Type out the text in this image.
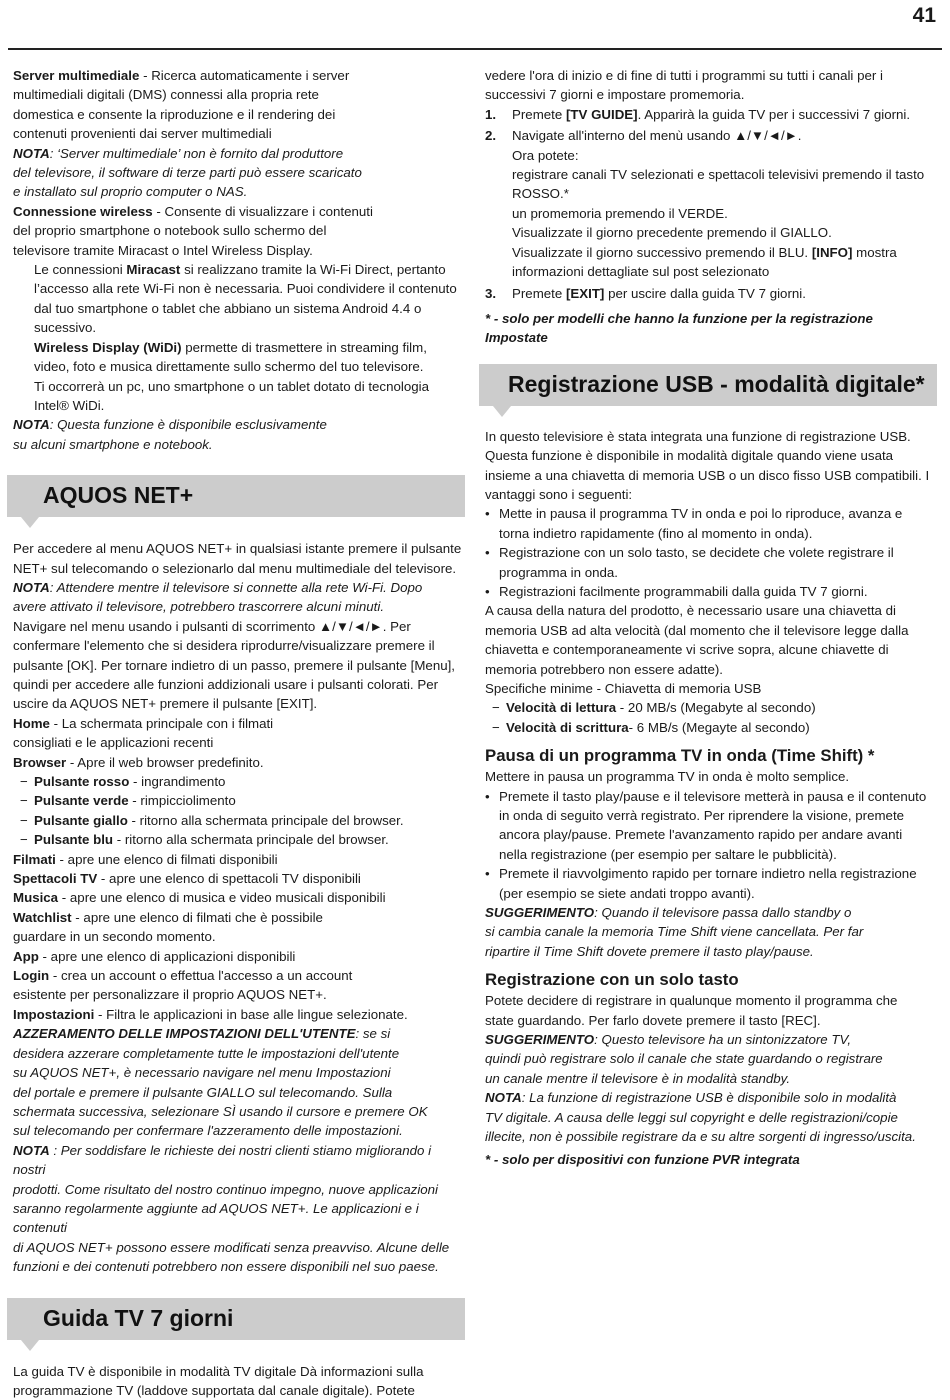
41

Server multimediale - Ricerca automaticamente i server

multimediali digitali (DMS) connessi alla propria rete

domestica e consente la riproduzione e il rendering dei

contenuti provenienti dai server multimediali

NOTA: ‘Server multimediale’ non è fornito dal produttore

del televisore, il software di terze parti può essere scaricato

e installato sul proprio computer o NAS.

Connessione wireless - Consente di visualizzare i contenuti

del proprio smartphone o notebook sullo schermo del

televisore tramite Miracast o Intel Wireless Display.

Le connessioni Miracast si realizzano tramite la Wi-Fi Direct, pertanto

l’accesso alla rete Wi-Fi non è necessaria. Puoi condividere il contenuto

dal tuo smartphone o tablet che abbiano un sistema Android 4.4 o

sucessivo.

Wireless Display (WiDi) permette di trasmettere in streaming film,

video, foto e musica direttamente sullo schermo del tuo televisore.

Ti occorrerà un pc, uno smartphone o un tablet dotato di tecnologia

Intel® WiDi.

NOTA: Questa funzione è disponibile esclusivamente

su alcuni smartphone e notebook.

AQUOS NET+

Per accedere al menu AQUOS NET+ in qualsiasi istante premere il pulsante

NET+ sul telecomando o selezionarlo dal menu multimediale del televisore.

NOTA: Attendere mentre il televisore si connette alla rete Wi-Fi. Dopo

avere attivato il televisore, potrebbero trascorrere alcuni minuti.

Navigare nel menu usando i pulsanti di scorrimento ▲/▼/◄/►. Per

confermare l'elemento che si desidera riprodurre/visualizzare premere il

pulsante [OK]. Per tornare indietro di un passo, premere il pulsante [Menu],

quindi per accedere alle funzioni addizionali usare i pulsanti colorati. Per

uscire da AQUOS NET+ premere il pulsante [EXIT].

Home - La schermata principale con i filmati

consigliati e le applicazioni recenti

Browser - Apre il web browser predefinito.

− Pulsante rosso - ingrandimento

− Pulsante verde - rimpicciolimento

− Pulsante giallo - ritorno alla schermata principale del browser.

− Pulsante blu - ritorno alla schermata principale del browser.

Filmati - apre une elenco di filmati disponibili

Spettacoli TV - apre une elenco di spettacoli TV disponibili

Musica - apre une elenco di musica e video musicali disponibili

Watchlist - apre une elenco di filmati che è possibile

guardare in un secondo momento.

App - apre une elenco di applicazioni disponibili

Login - crea un account o effettua l'accesso a un account

esistente per personalizzare il proprio AQUOS NET+.

Impostazioni - Filtra le applicazioni in base alle lingue selezionate.

AZZERAMENTO DELLE IMPOSTAZIONI DELL'UTENTE: se si

desidera azzerare completamente tutte le impostazioni dell'utente

su AQUOS NET+, è necessario navigare nel menu Impostazioni

del portale e premere il pulsante GIALLO sul telecomando. Sulla

schermata successiva, selezionare SÌ usando il cursore e premere OK

sul telecomando per confermare l'azzeramento delle impostazioni.

NOTA : Per soddisfare le richieste dei nostri clienti stiamo migliorando i nostri

prodotti. Come risultato del nostro continuo impegno, nuove applicazioni

saranno regolarmente aggiunte ad AQUOS NET+. Le applicazioni e i contenuti

di AQUOS NET+ possono essere modificati senza preavviso. Alcune delle

funzioni e dei contenuti potrebbero non essere disponibili nel suo paese.

Guida TV 7 giorni

La guida TV è disponibile in modalità TV digitale Dà informazioni sulla

programmazione TV (laddove supportata dal canale digitale). Potete

vedere l'ora di inizio e di fine di tutti i programmi su tutti i canali per i

successivi 7 giorni e impostare promemoria.

1. Premete [TV GUIDE]. Apparirà la guida TV per i successivi 7 giorni.

2. Navigate all'interno del menù usando ▲/▼/◄/►.

Ora potete:

registrare canali TV selezionati e spettacoli televisivi premendo il tasto

ROSSO.*

un promemoria premendo il VERDE.

Visualizzate il giorno precedente premendo il GIALLO.

Visualizzate il giorno successivo premendo il BLU. [INFO] mostra

informazioni dettagliate sul post selezionato

3. Premete [EXIT] per uscire dalla guida TV 7 giorni.

* - solo per modelli che hanno la funzione per la registrazione Impostate

Registrazione USB - modalità digitale*

In questo televisiore è stata integrata una funzione di registrazione USB.

Questa funzione è disponibile in modalità digitale quando viene usata

insieme a una chiavetta di memoria USB o un disco fisso USB compatibili. I

vantaggi sono i seguenti:

• Mette in pausa il programma TV in onda e poi lo riproduce, avanza e

torna indietro rapidamente (fino al momento in onda).

• Registrazione con un solo tasto, se decidete che volete registrare il

programma in onda.

• Registrazioni facilmente programmabili dalla guida TV 7 giorni.

A causa della natura del prodotto, è necessario usare una chiavetta di

memoria USB ad alta velocità (dal momento che il televisore legge dalla

chiavetta e contemporaneamente vi scrive sopra, alcune chiavette di

memoria potrebbero non essere adatte).

Specifiche minime - Chiavetta di memoria USB

− Velocità di lettura - 20 MB/s (Megabyte al secondo)

− Velocità di scrittura- 6 MB/s (Megayte al secondo)

Pausa di un programma TV in onda (Time Shift) *

Mettere in pausa un programma TV in onda è molto semplice.

• Premete il tasto play/pause e il televisore metterà in pausa e il contenuto

in onda di seguito verrà registrato. Per riprendere la visione, premete

ancora play/pause. Premete l'avanzamento rapido per andare avanti

nella registrazione (per esempio per saltare le pubblicità).

• Premete il riavvolgimento rapido per tornare indietro nella registrazione

(per esempio se siete andati troppo avanti).

SUGGERIMENTO: Quando il televisore passa dallo standby o

si cambia canale la memoria Time Shift viene cancellata. Per far

ripartire il Time Shift dovete premere il tasto play/pause.

Registrazione con un solo tasto

Potete decidere di registrare in qualunque momento il programma che

state guardando. Per farlo dovete premere il tasto [REC].

SUGGERIMENTO: Questo televisore ha un sintonizzatore TV,

quindi può registrare solo il canale che state guardando o registrare

un canale mentre il televisore è in modalità standby.

NOTA: La funzione di registrazione USB è disponibile solo in modalità

TV digitale. A causa delle leggi sul copyright e delle registrazioni/copie

illecite, non è possibile registrare da e su altre sorgenti di ingresso/uscita.

* - solo per dispositivi con funzione PVR integrata
